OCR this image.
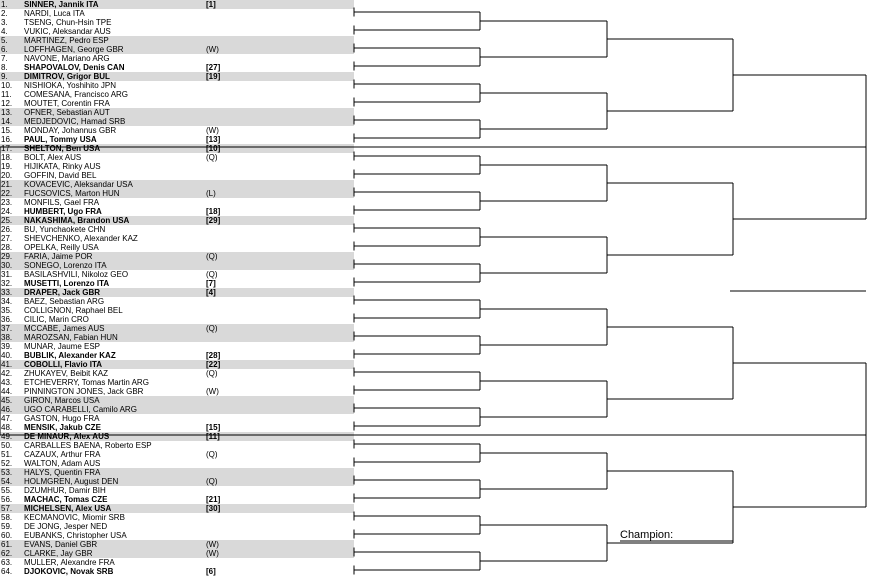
1.	SINNER, Jannik ITA	[1]
2.	NARDI, Luca ITA
3.	TSENG, Chun-Hsin TPE
4.	VUKIC, Aleksandar AUS
5.	MARTINEZ, Pedro ESP
6.	LOFFHAGEN, George GBR	(W)
7.	NAVONE, Mariano ARG
8.	SHAPOVALOV, Denis CAN	[27]
9.	DIMITROV, Grigor BUL	[19]
10.	NISHIOKA, Yoshihito JPN
11.	COMESANA, Francisco ARG
12.	MOUTET, Corentin FRA
13.	OFNER, Sebastian AUT
14.	MEDJEDOVIC, Hamad SRB
15.	MONDAY, Johannus GBR	(W)
16.	PAUL, Tommy USA	[13]
17.	SHELTON, Ben USA	[10]
18.	BOLT, Alex AUS	(Q)
19.	HIJIKATA, Rinky AUS
20.	GOFFIN, David BEL
21.	KOVACEVIC, Aleksandar USA
22.	FUCSOVICS, Marton HUN	(L)
23.	MONFILS, Gael FRA
24.	HUMBERT, Ugo FRA	[18]
25.	NAKASHIMA, Brandon USA	[29]
26.	BU, Yunchaokete CHN
27.	SHEVCHENKO, Alexander KAZ
28.	OPELKA, Reilly USA
29.	FARIA, Jaime POR	(Q)
30.	SONEGO, Lorenzo ITA
31.	BASILASHVILI, Nikoloz GEO	(Q)
32.	MUSETTI, Lorenzo ITA	[7]
33.	DRAPER, Jack GBR	[4]
34.	BAEZ, Sebastian ARG
35.	COLLIGNON, Raphael BEL
36.	CILIC, Marin CRO
37.	MCCABE, James AUS	(Q)
38.	MAROZSAN, Fabian HUN
39.	MUNAR, Jaume ESP
40.	BUBLIK, Alexander KAZ	[28]
41.	COBOLLI, Flavio ITA	[22]
42.	ZHUKAYEV, Beibit KAZ	(Q)
43.	ETCHEVERRY, Tomas Martin ARG
44.	PINNINGTON JONES, Jack GBR	(W)
45.	GIRON, Marcos USA
46.	UGO CARABELLI, Camilo ARG
47.	GASTON, Hugo FRA
48.	MENSIK, Jakub CZE	[15]
49.	DE MINAUR, Alex AUS	[11]
50.	CARBALLES BAENA, Roberto ESP
51.	CAZAUX, Arthur FRA	(Q)
52.	WALTON, Adam AUS
53.	HALYS, Quentin FRA
54.	HOLMGREN, August DEN	(Q)
55.	DZUMHUR, Damir BIH
56.	MACHAC, Tomas CZE	[21]
57.	MICHELSEN, Alex USA	[30]
58.	KECMANOVIC, Miomir SRB
59.	DE JONG, Jesper NED
60.	EUBANKS, Christopher USA
61.	EVANS, Daniel GBR	(W)
62.	CLARKE, Jay GBR	(W)
63.	MULLER, Alexandre FRA
64.	DJOKOVIC, Novak SRB	[6]
Champion:
